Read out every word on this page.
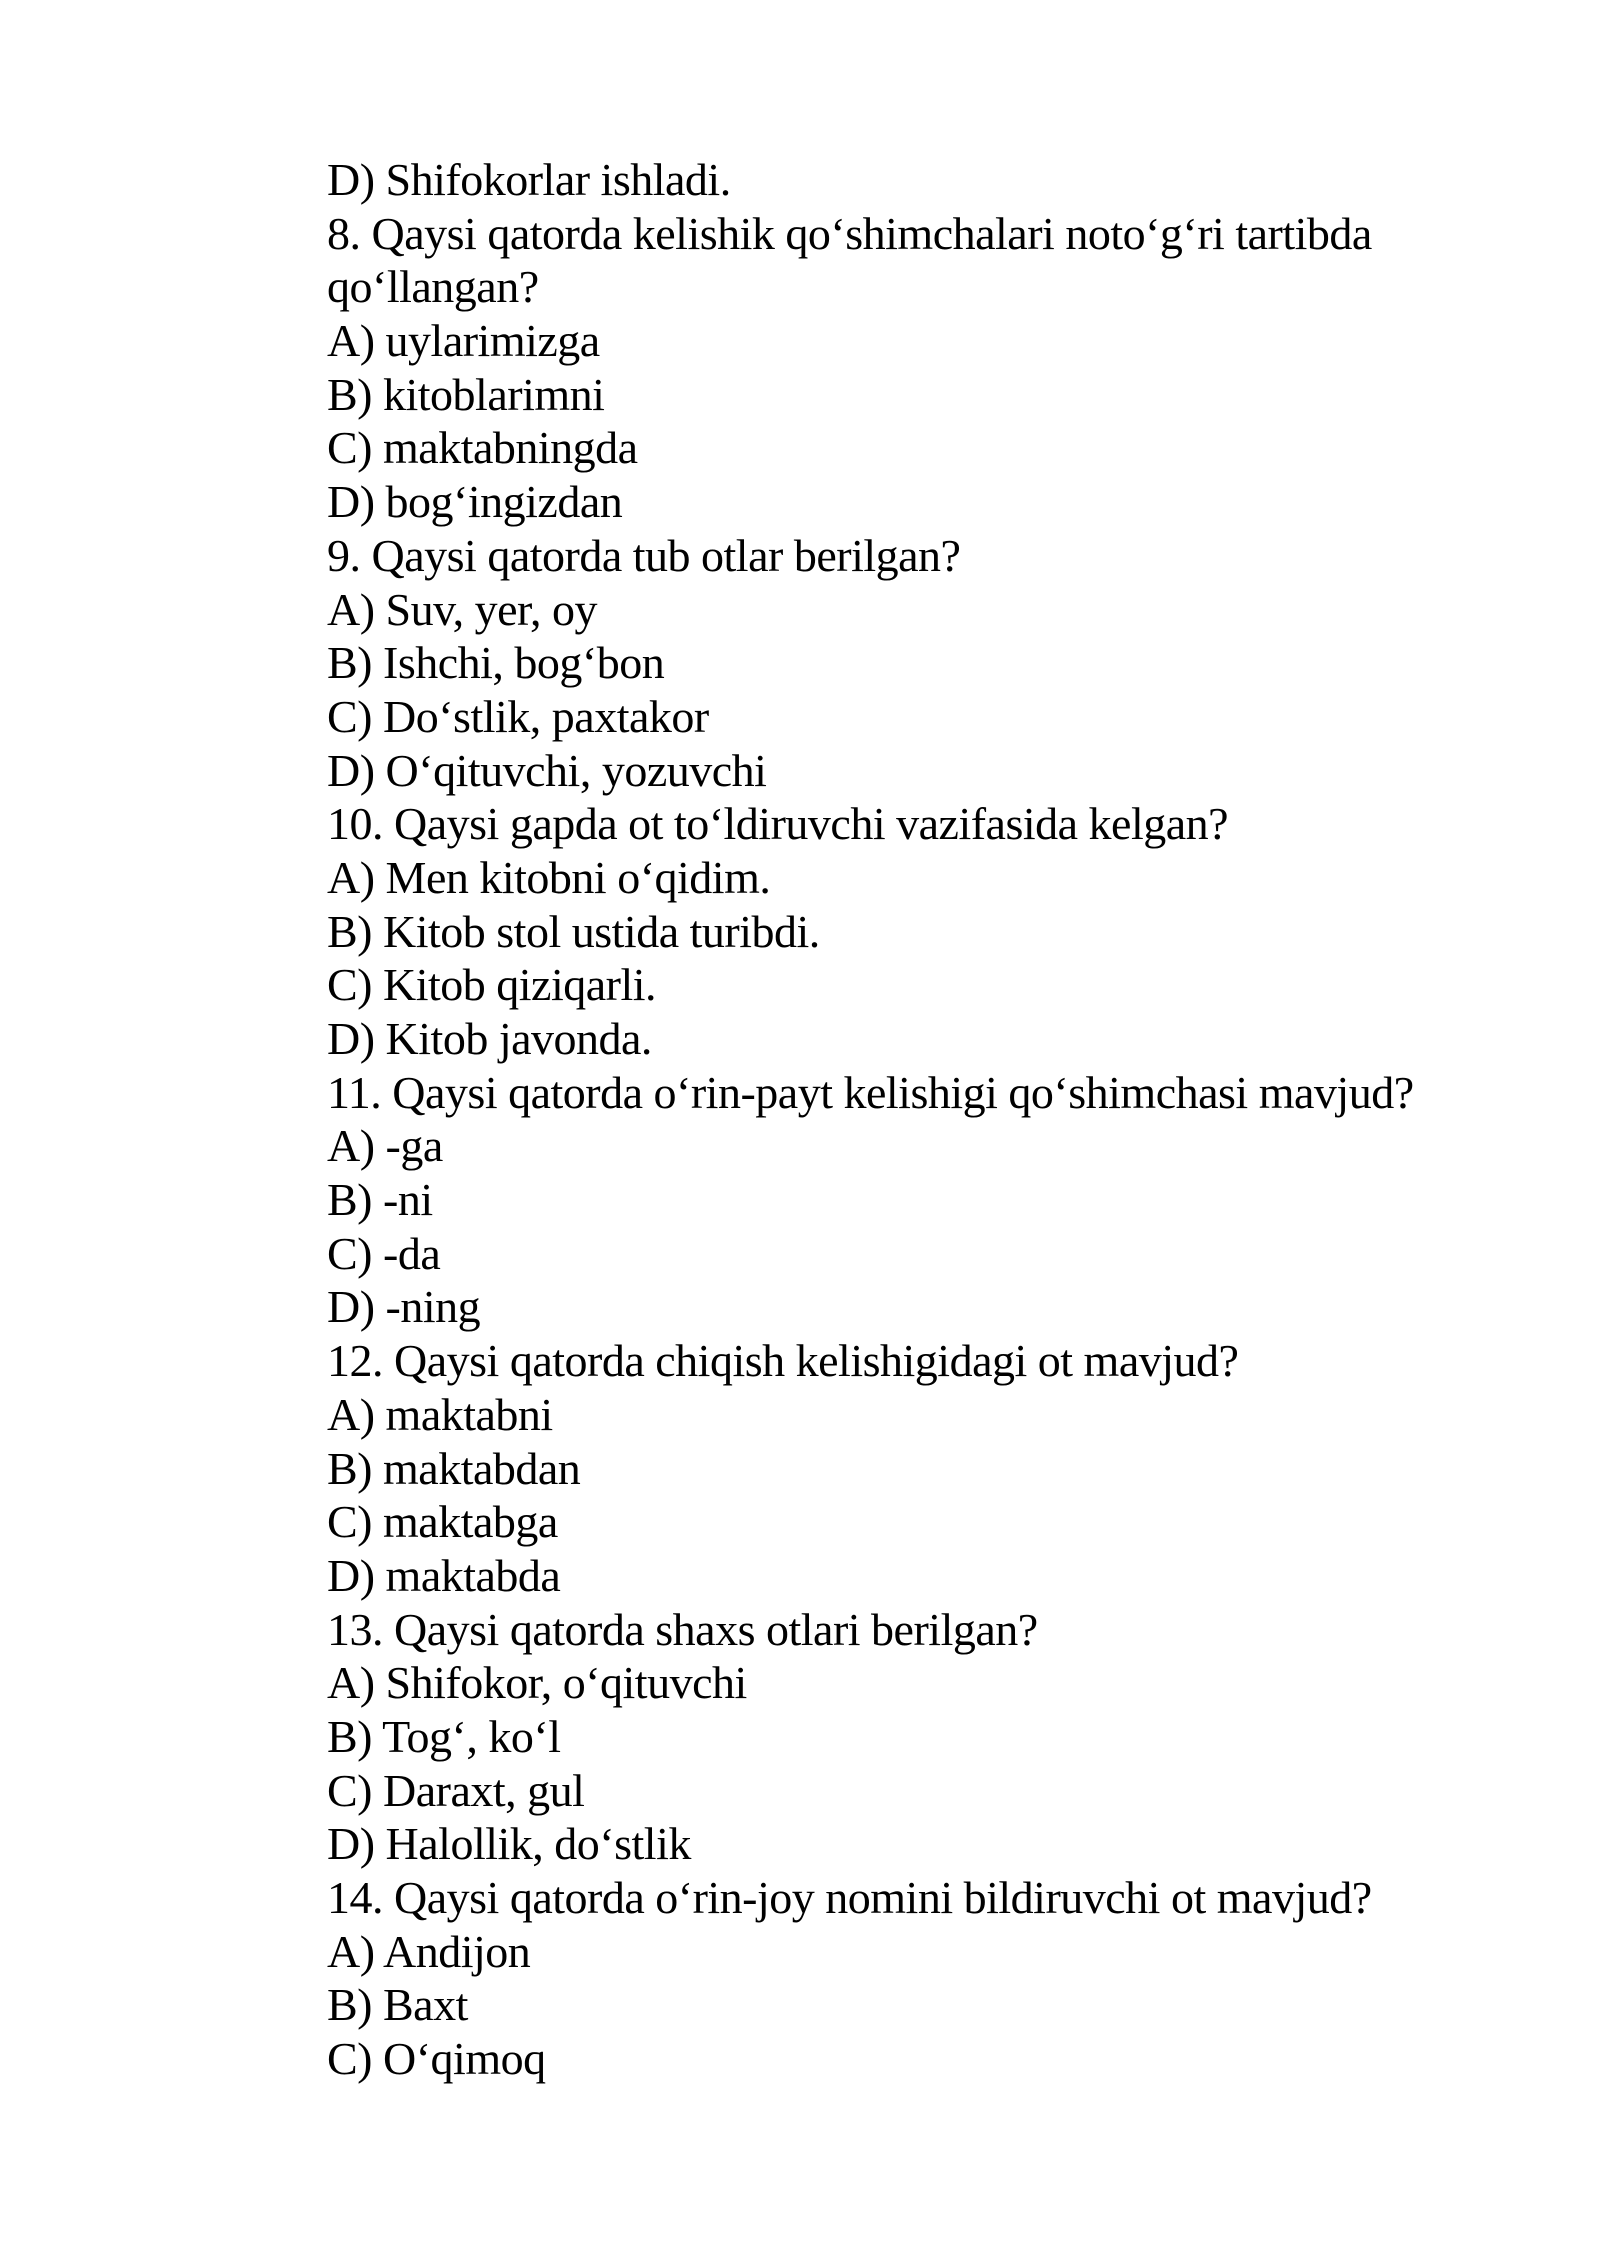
D) Shifokorlar ishladi.
8. Qaysi qatorda kelishik qo‘shimchalari noto‘g‘ri tartibda
qo‘llangan?
A) uylarimizga
B) kitoblarimni
C) maktabningda
D) bog‘ingizdan
9. Qaysi qatorda tub otlar berilgan?
A) Suv, yer, oy
B) Ishchi, bog‘bon
C) Do‘stlik, paxtakor
D) O‘qituvchi, yozuvchi
10. Qaysi gapda ot to‘ldiruvchi vazifasida kelgan?
A) Men kitobni o‘qidim.
B) Kitob stol ustida turibdi.
C) Kitob qiziqarli.
D) Kitob javonda.
11. Qaysi qatorda o‘rin-payt kelishigi qo‘shimchasi mavjud?
A) -ga
B) -ni
C) -da
D) -ning
12. Qaysi qatorda chiqish kelishigidagi ot mavjud?
A) maktabni
B) maktabdan
C) maktabga
D) maktabda
13. Qaysi qatorda shaxs otlari berilgan?
A) Shifokor, o‘qituvchi
B) Tog‘, ko‘l
C) Daraxt, gul
D) Halollik, do‘stlik
14. Qaysi qatorda o‘rin-joy nomini bildiruvchi ot mavjud?
A) Andijon
B) Baxt
C) O‘qimoq
